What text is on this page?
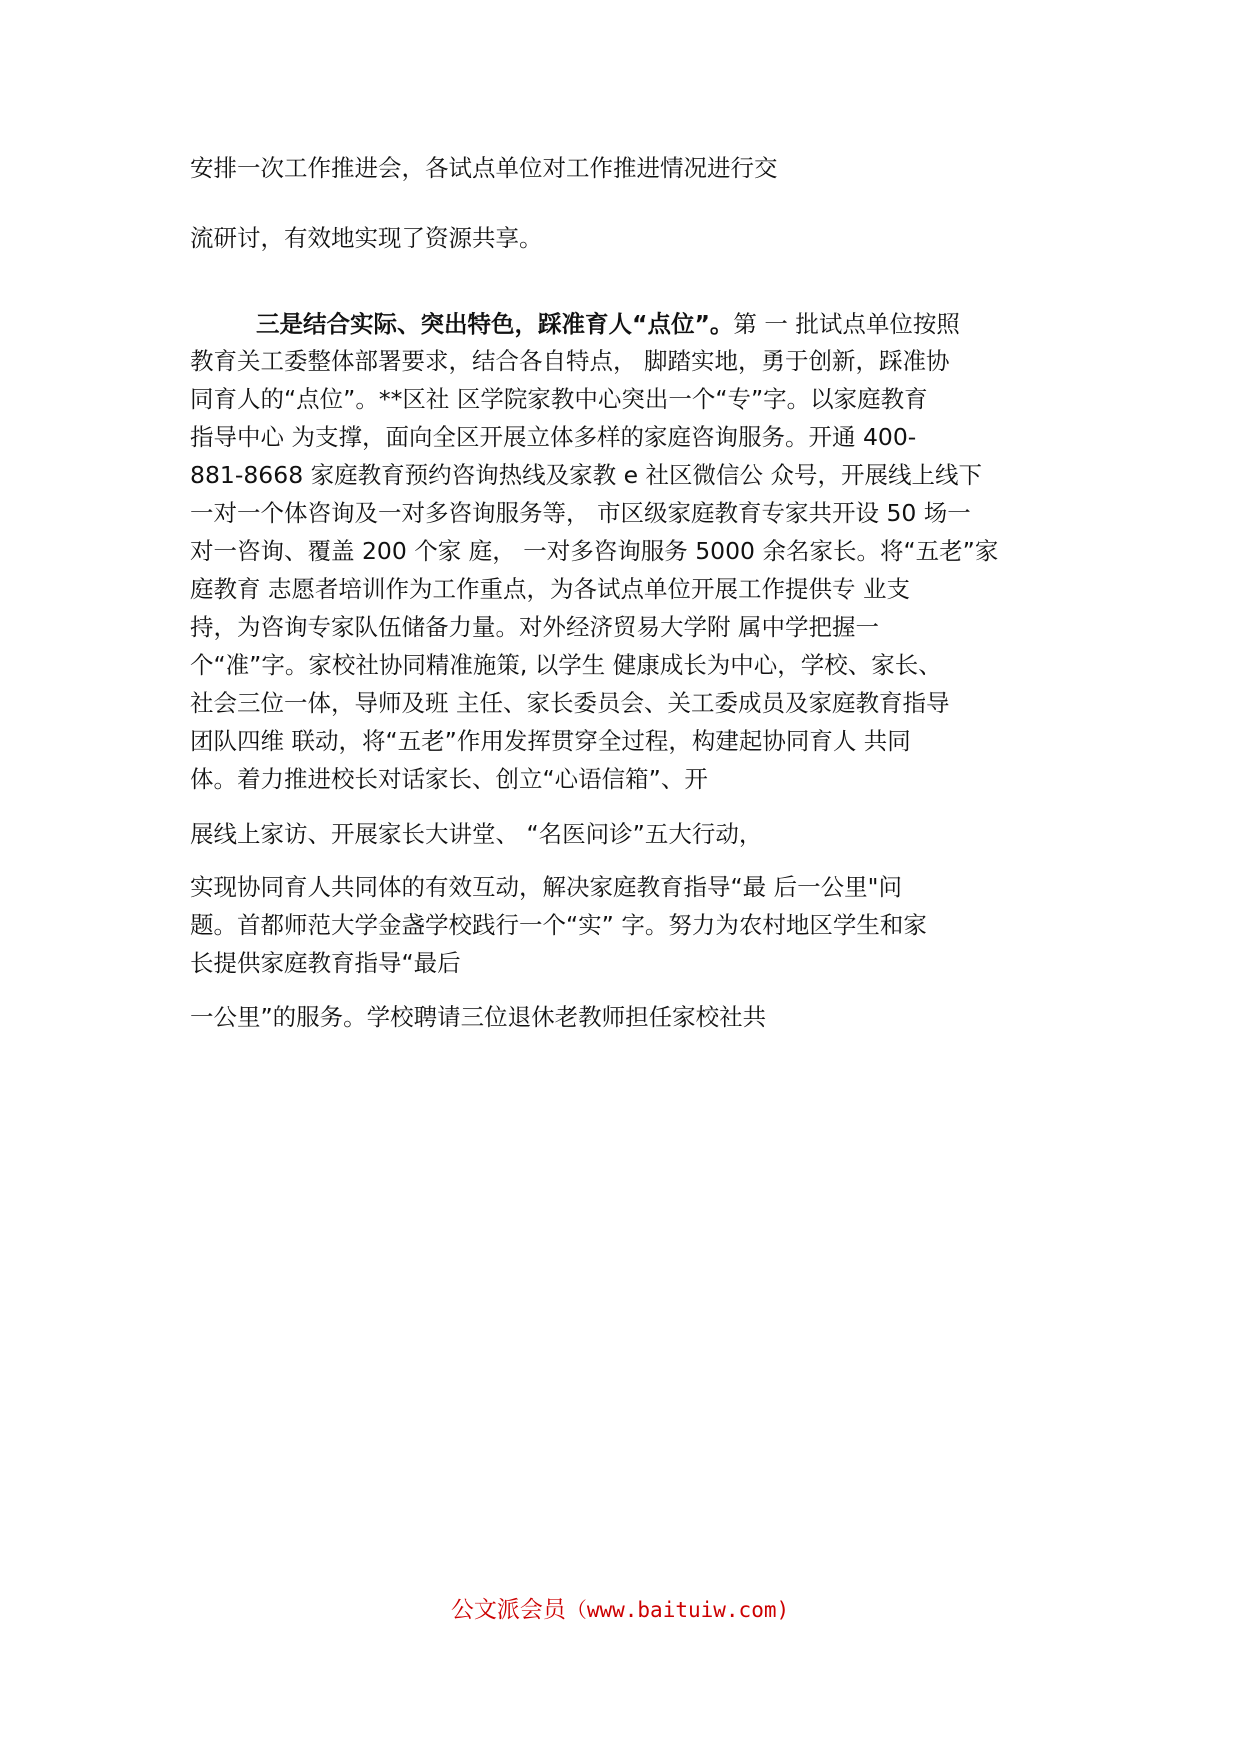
安排一次工作推进会，各试点单位对工作推进情况进行交
流研讨，有效地实现了资源共享。
三是结合实际、突出特色，踩准育人“点位”。第 一 批试点单位按照
教育关工委整体部署要求，结合各自特点， 脚踏实地，勇于创新，踩准协
同育人的“点位”。**区社 区学院家教中心突出一个“专”字。以家庭教育
指导中心 为支撑，面向全区开展立体多样的家庭咨询服务。开通 400-
881-8668 家庭教育预约咨询热线及家教 e 社区微信公 众号，开展线上线下
一对一个体咨询及一对多咨询服务等， 市区级家庭教育专家共开设 50 场一
对一咨询、覆盖 200 个家 庭， 一对多咨询服务 5000 余名家长。将“五老”家
庭教育 志愿者培训作为工作重点，为各试点单位开展工作提供专 业支
持，为咨询专家队伍储备力量。对外经济贸易大学附 属中学把握一
个“准”字。家校社协同精准施策, 以学生 健康成长为中心，学校、家长、
社会三位一体，导师及班 主任、家长委员会、关工委成员及家庭教育指导
团队四维 联动，将“五老”作用发挥贯穿全过程，构建起协同育人 共同
体。着力推进校长对话家长、创立“心语信箱”、开
展线上家访、开展家长大讲堂、 “名医问诊”五大行动，
实现协同育人共同体的有效互动，解决家庭教育指导“最 后一公里"问
题。首都师范大学金盏学校践行一个“实” 字。努力为农村地区学生和家
长提供家庭教育指导“最后
一公里”的服务。学校聘请三位退休老教师担任家校社共
公文派会员（www.baituiw.com)
